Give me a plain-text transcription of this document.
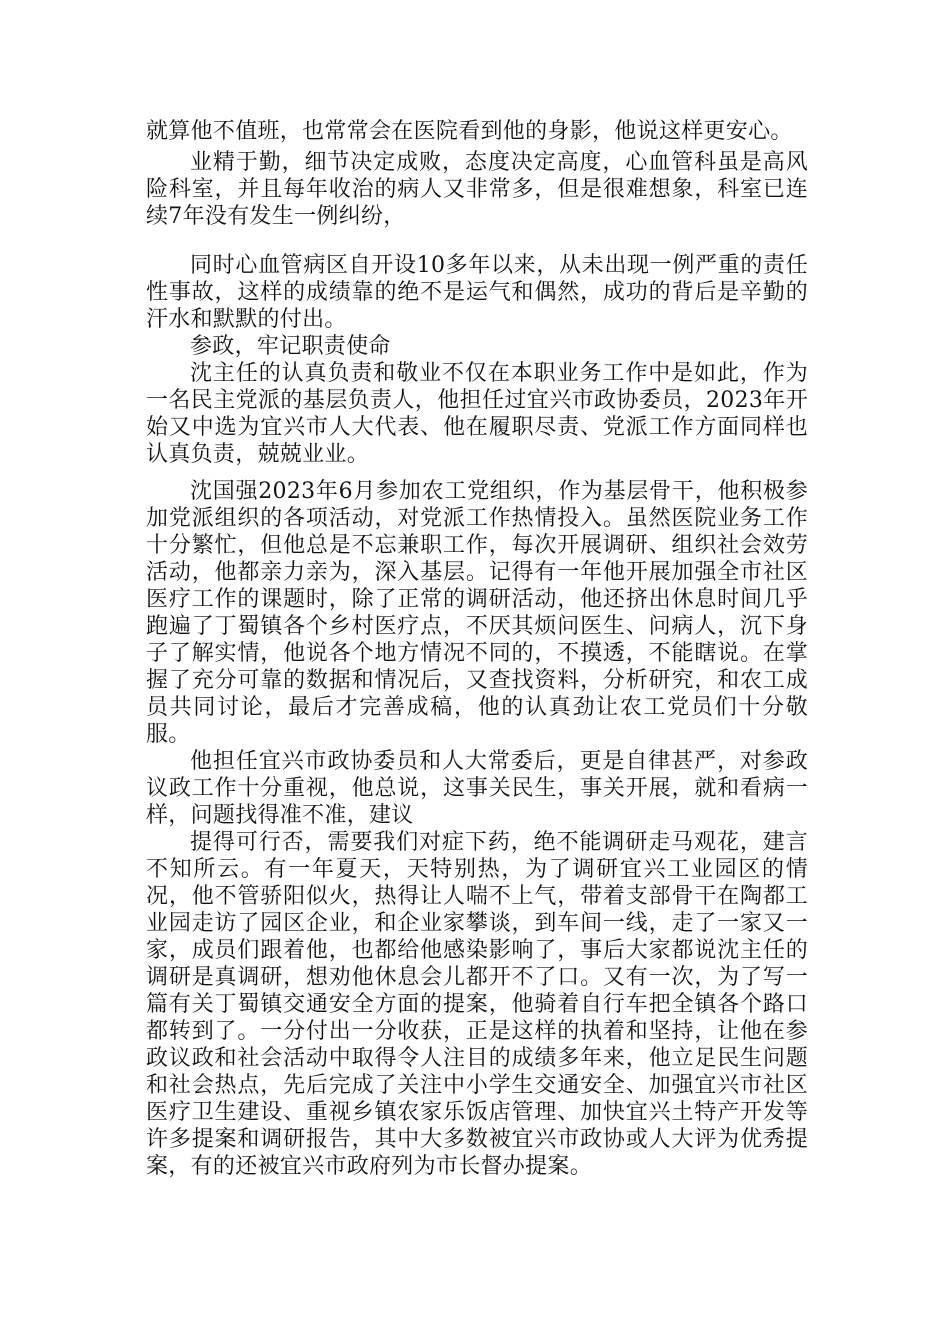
就算他不值班，也常常会在医院看到他的身影，他说这样更安心。

业精于勤，细节决定成败，态度决定高度，心血管科虽是高风险科室，并且每年收治的病人又非常多，但是很难想象，科室已连续7年没有发生一例纠纷，

同时心血管病区自开设10多年以来，从未出现一例严重的责任性事故，这样的成绩靠的绝不是运气和偶然，成功的背后是辛勤的汗水和默默的付出。

参政，牢记职责使命

沈主任的认真负责和敬业不仅在本职业务工作中是如此，作为一名民主党派的基层负责人，他担任过宜兴市政协委员，2023年开始又中选为宜兴市人大代表、他在履职尽责、党派工作方面同样也认真负责，兢兢业业。

沈国强2023年6月参加农工党组织，作为基层骨干，他积极参加党派组织的各项活动，对党派工作热情投入。虽然医院业务工作十分繁忙，但他总是不忘兼职工作，每次开展调研、组织社会效劳活动，他都亲力亲为，深入基层。记得有一年他开展加强全市社区医疗工作的课题时，除了正常的调研活动，他还挤出休息时间几乎跑遍了丁蜀镇各个乡村医疗点，不厌其烦问医生、问病人，沉下身子了解实情，他说各个地方情况不同的，不摸透，不能瞎说。在掌握了充分可靠的数据和情况后，又查找资料，分析研究，和农工成员共同讨论，最后才完善成稿，他的认真劲让农工党员们十分敬服。

他担任宜兴市政协委员和人大常委后，更是自律甚严，对参政议政工作十分重视，他总说，这事关民生，事关开展，就和看病一样，问题找得准不准，建议

提得可行否，需要我们对症下药，绝不能调研走马观花，建言不知所云。有一年夏天，天特别热，为了调研宜兴工业园区的情况，他不管骄阳似火，热得让人喘不上气，带着支部骨干在陶都工业园走访了园区企业，和企业家攀谈，到车间一线，走了一家又一家，成员们跟着他，也都给他感染影响了，事后大家都说沈主任的调研是真调研，想劝他休息会儿都开不了口。又有一次，为了写一篇有关丁蜀镇交通安全方面的提案，他骑着自行车把全镇各个路口都转到了。一分付出一分收获，正是这样的执着和坚持，让他在参政议政和社会活动中取得令人注目的成绩多年来，他立足民生问题和社会热点，先后完成了关注中小学生交通安全、加强宜兴市社区医疗卫生建设、重视乡镇农家乐饭店管理、加快宜兴土特产开发等许多提案和调研报告，其中大多数被宜兴市政协或人大评为优秀提案，有的还被宜兴市政府列为市长督办提案。
